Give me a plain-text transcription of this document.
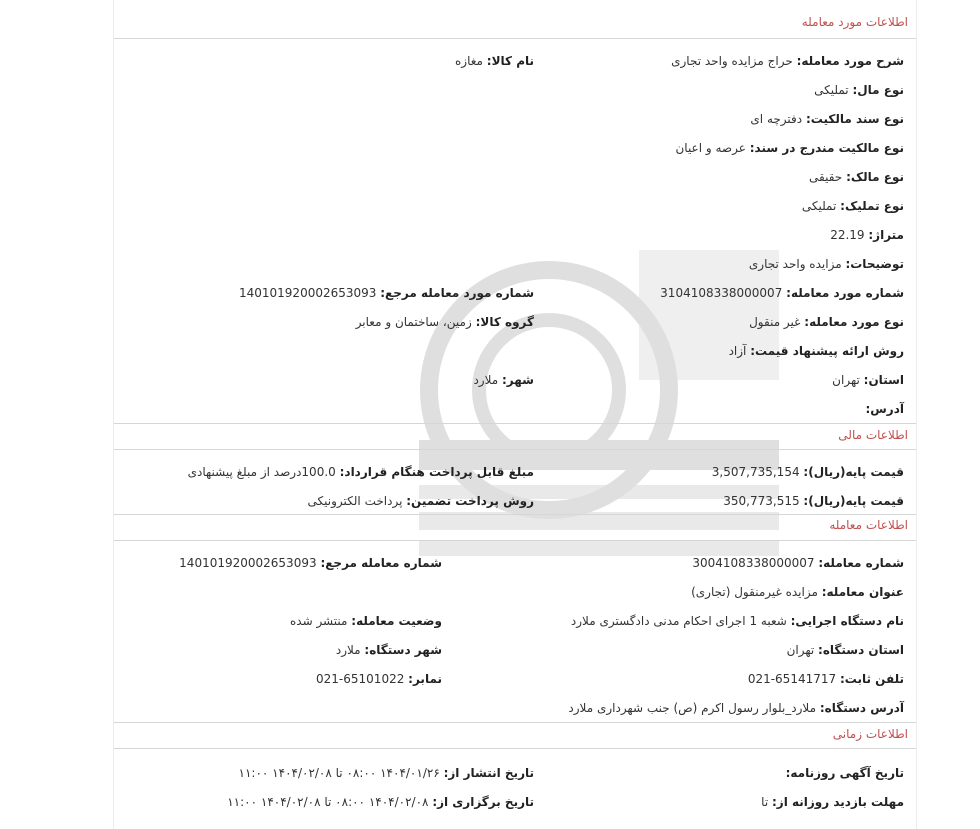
اطلاعات مورد معامله
شرح مورد معامله: حراج مزایده واحد تجاری
نام کالا: مغازه
نوع مال: تملیکی
نوع سند مالکیت: دفترچه ای
نوع مالکیت مندرج در سند: عرصه و اعیان
نوع مالک: حقیقی
نوع تملیک: تملیکی
متراژ: 22.19
توضیحات: مزایده واحد تجاری
شماره مورد معامله: 3104108338000007
شماره مورد معامله مرجع: 140101920002653093
نوع مورد معامله: غیر منقول
گروه کالا: زمین، ساختمان و معابر
روش ارائه پیشنهاد قیمت: آزاد
استان: تهران
شهر: ملارد
آدرس:
اطلاعات مالی
قیمت پایه(ریال): 3,507,735,154
مبلغ قابل پرداخت هنگام قرارداد: 100.0درصد از مبلغ پیشنهادی
قیمت پایه(ریال): 350,773,515
روش پرداخت تضمین: پرداخت الکترونیکی
اطلاعات معامله
شماره معامله: 3004108338000007
شماره معامله مرجع: 140101920002653093
عنوان معامله: مزایده غیرمنقول (تجاری)
نام دستگاه اجرایی: شعبه 1 اجرای احکام مدنی دادگستری ملارد
وضعیت معامله: منتشر شده
استان دستگاه: تهران
شهر دستگاه: ملارد
تلفن ثابت: 021-65141717
نمابر: 021-65101022
آدرس دستگاه: ملارد_بلوار رسول اکرم (ص) جنب شهرداری ملارد
اطلاعات زمانی
تاریخ آگهی روزنامه:
تاریخ انتشار از: ۱۴۰۴/۰۱/۲۶ ۰۸:۰۰ تا ۱۴۰۴/۰۲/۰۸ ۱۱:۰۰
مهلت بازدید روزانه از: تا
تاریخ برگزاری از: ۱۴۰۴/۰۲/۰۸ ۰۸:۰۰ تا ۱۴۰۴/۰۲/۰۸ ۱۱:۰۰
